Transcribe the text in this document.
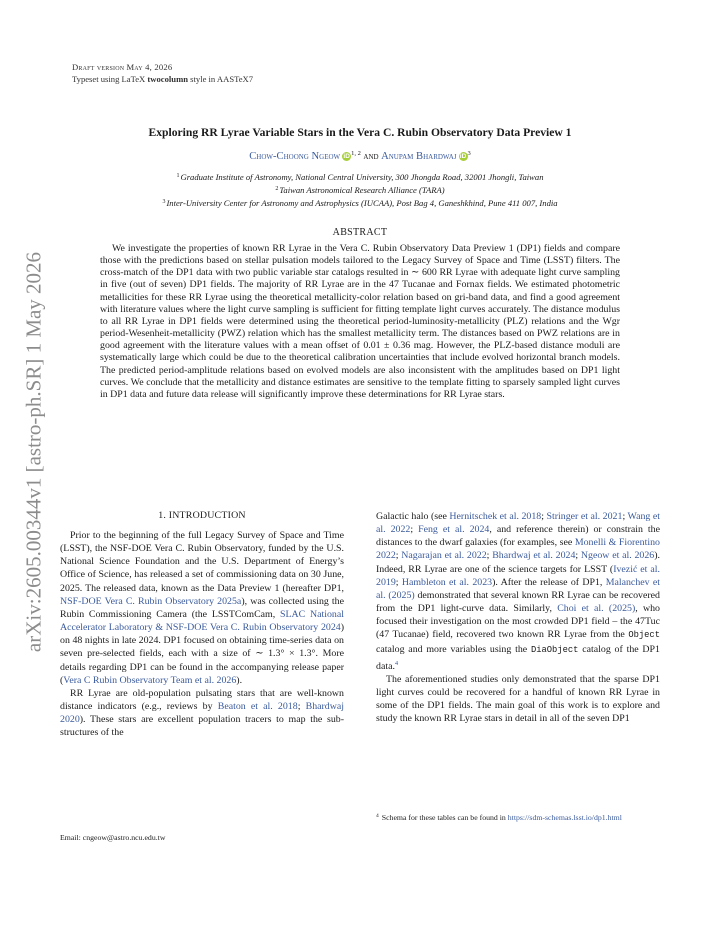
Draft version May 4, 2026
Typeset using LaTeX twocolumn style in AASTeX7
arXiv:2605.00344v1 [astro-ph.SR] 1 May 2026
Exploring RR Lyrae Variable Stars in the Vera C. Rubin Observatory Data Preview 1
Chow-Choong Ngeow iD$^{1, 2}$ and Anupam Bhardwaj $iD^3$
$^1$Graduate Institute of Astronomy, National Central University, 300 Jhongda Road, 32001 Jhongli, Taiwan
$^2$Taiwan Astronomical Research Alliance (TARA)
$^3$Inter-University Center for Astronomy and Astrophysics (IUCAA), Post Bag 4, Ganeshkhind, Pune 411 007, India
ABSTRACT
We investigate the properties of known RR Lyrae in the Vera C. Rubin Observatory Data Preview 1 (DP1) fields and compare those with the predictions based on stellar pulsation models tailored to the Legacy Survey of Space and Time (LSST) filters. The cross-match of the DP1 data with two public variable star catalogs resulted in ∼ 600 RR Lyrae with adequate light curve sampling in five (out of seven) DP1 fields. The majority of RR Lyrae are in the 47 Tucanae and Fornax fields. We estimated photometric metallicities for these RR Lyrae using the theoretical metallicity-color relation based on gri-band data, and find a good agreement with literature values where the light curve sampling is sufficient for fitting template light curves accurately. The distance modulus to all RR Lyrae in DP1 fields were determined using the theoretical period-luminosity-metallicity (PLZ) relations and the Wgr period-Wesenheit-metallicity (PWZ) relation which has the smallest metallicity term. The distances based on PWZ relations are in good agreement with the literature values with a mean offset of 0.01 ± 0.36 mag. However, the PLZ-based distance moduli are systematically large which could be due to the theoretical calibration uncertainties that include evolved horizontal branch models. The predicted period-amplitude relations based on evolved models are also inconsistent with the amplitudes based on DP1 light curves. We conclude that the metallicity and distance estimates are sensitive to the template fitting to sparsely sampled light curves in DP1 data and future data release will significantly improve these determinations for RR Lyrae stars.
1. INTRODUCTION

Prior to the beginning of the full Legacy Survey of Space and Time (LSST), the NSF-DOE Vera C. Rubin Observatory, funded by the U.S. National Science Foundation and the U.S. Department of Energy’s Office of Science, has released a set of commissioning data on 30 June, 2025. The released data, known as the Data Preview 1 (hereafter DP1, NSF-DOE Vera C. Rubin Observatory 2025a), was collected using the Rubin Commissioning Camera (the LSSTComCam, SLAC National Accelerator Laboratory & NSF-DOE Vera C. Rubin Observatory 2024) on 48 nights in late 2024. DP1 focused on obtaining time-series data on seven pre-selected fields, each with a size of ∼ 1.3° × 1.3°. More details regarding DP1 can be found in the accompanying release paper (Vera C Rubin Observatory Team et al. 2026).

RR Lyrae are old-population pulsating stars that are well-known distance indicators (e.g., reviews by Beaton et al. 2018; Bhardwaj 2020). These stars are excellent population tracers to map the sub-structures of the

Galactic halo (see Hernitschek et al. 2018; Stringer et al. 2021; Wang et al. 2022; Feng et al. 2024, and reference therein) or constrain the distances to the dwarf galaxies (for examples, see Monelli & Fiorentino 2022; Nagarajan et al. 2022; Bhardwaj et al. 2024; Ngeow et al. 2026). Indeed, RR Lyrae are one of the science targets for LSST (Ivezić et al. 2019; Hambleton et al. 2023). After the release of DP1, Malanchev et al. (2025) demonstrated that several known RR Lyrae can be recovered from the DP1 light-curve data. Similarly, Choi et al. (2025), who focused their investigation on the most crowded DP1 field – the 47Tuc (47 Tucanae) field, recovered two known RR Lyrae from the Object catalog and more variables using the DiaObject catalog of the DP1 data.$^4$

The aforementioned studies only demonstrated that the sparse DP1 light curves could be recovered for a handful of known RR Lyrae in some of the DP1 fields. The main goal of this work is to explore and study the known RR Lyrae stars in detail in all of the seven DP1

Email: cngeow@astro.ncu.edu.tw
$^4$ Schema for these tables can be found in https://sdm-schemas.lsst.io/dp1.html
